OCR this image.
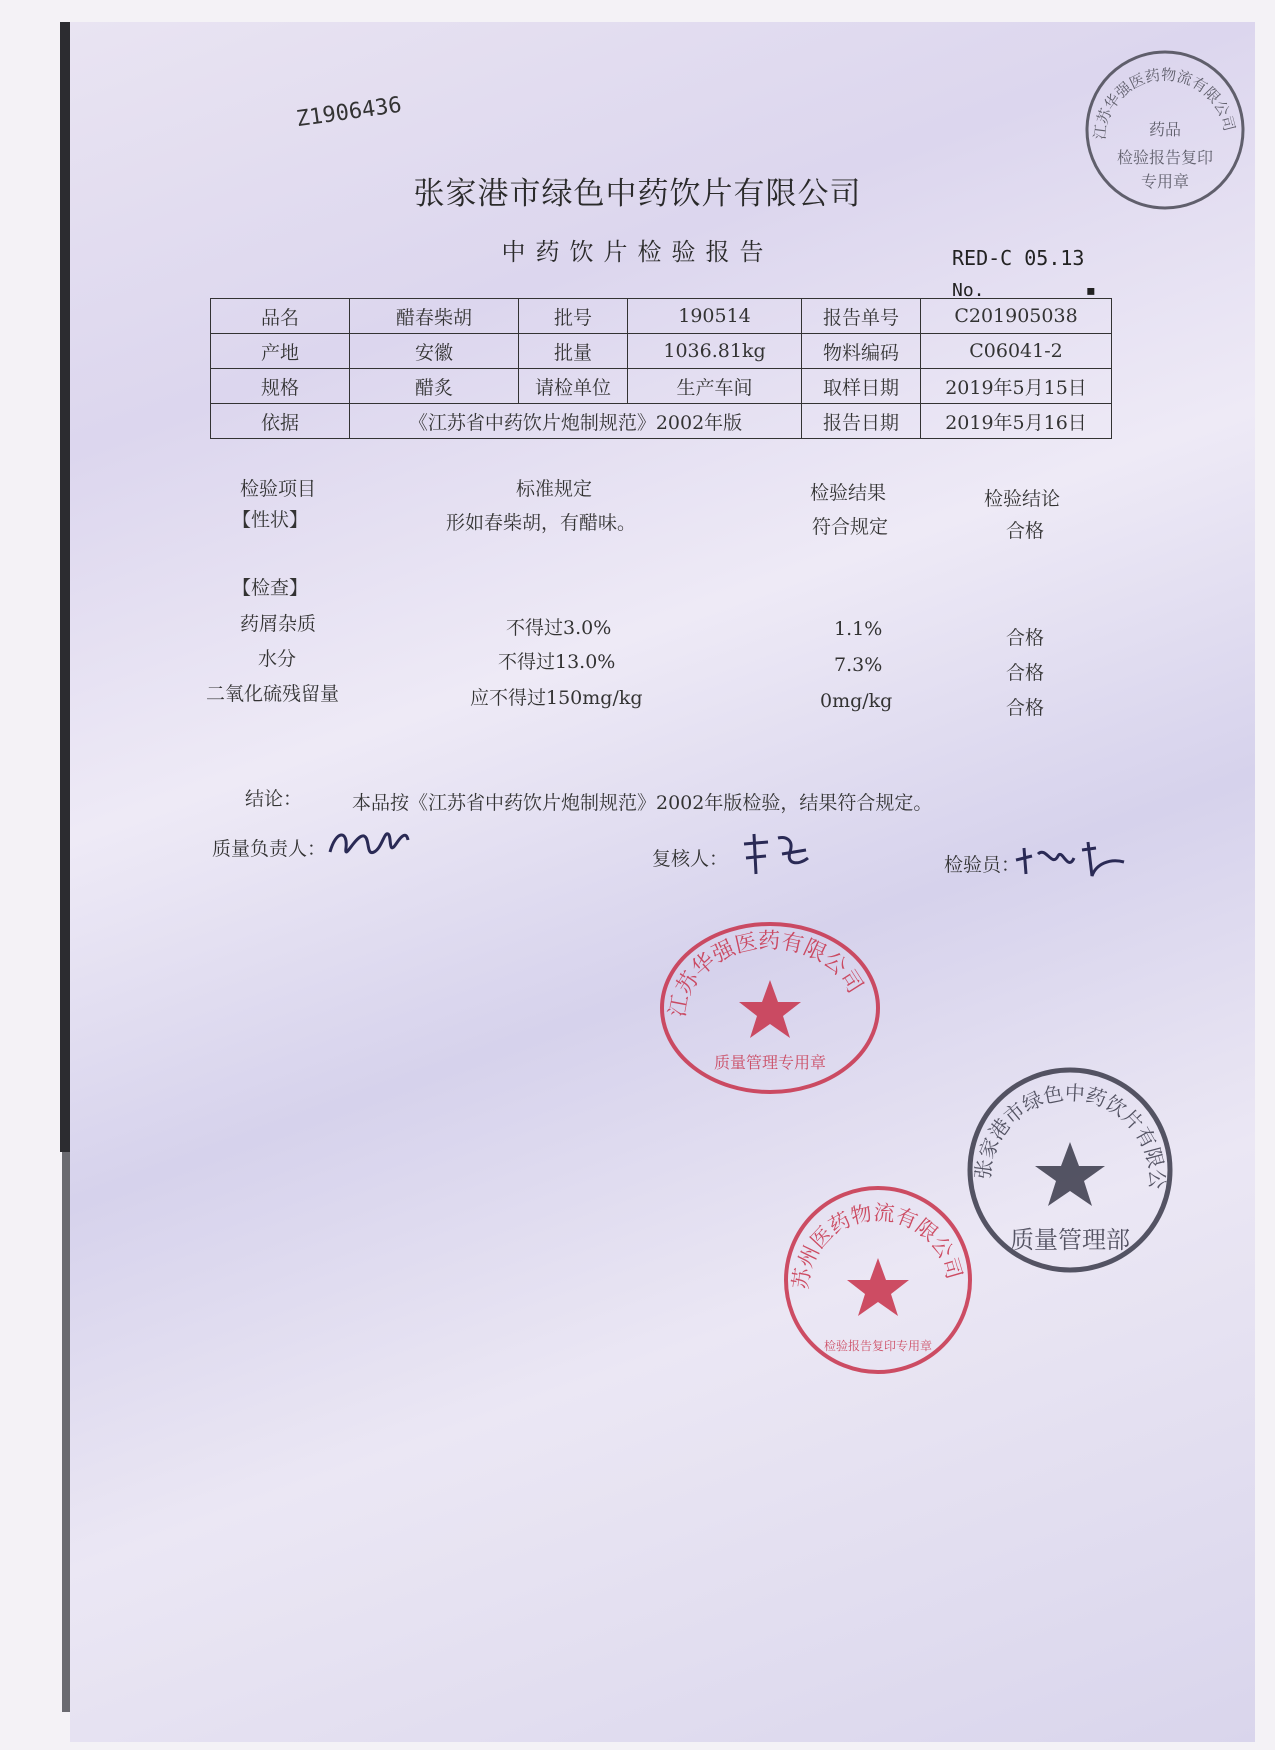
Z1906436
张家港市绿色中药饮片有限公司
中药饮片检验报告	RED-C 05.13
No.	▪
品名	醋春柴胡	批号	190514	报告单号	C201905038
产地	安徽	批量	1036.81kg	物料编码	C06041-2
规格	醋炙	请检单位	生产车间	取样日期	2019年5月15日
依据	《江苏省中药饮片炮制规范》2002年版			报告日期	2019年5月16日
检验项目	标准规定	检验结果	检验结论
【性状】	形如春柴胡，有醋味。	符合规定	合格
【检查】
药屑杂质	不得过3.0%	1.1%	合格
水分	不得过13.0%	7.3%	合格
二氧化硫残留量	应不得过150mg/kg	0mg/kg	合格
结论：	本品按《江苏省中药饮片炮制规范》2002年版检验，结果符合规定。
质量负责人：	复核人：	检验员：
江苏华强医药物流有限公司
药品
检验报告复印
专用章
江苏华强医药有限公司
质量管理专用章
苏州医药物流有限公司
检验报告复印专用章
张家港市绿色中药饮片有限公
质量管理部
